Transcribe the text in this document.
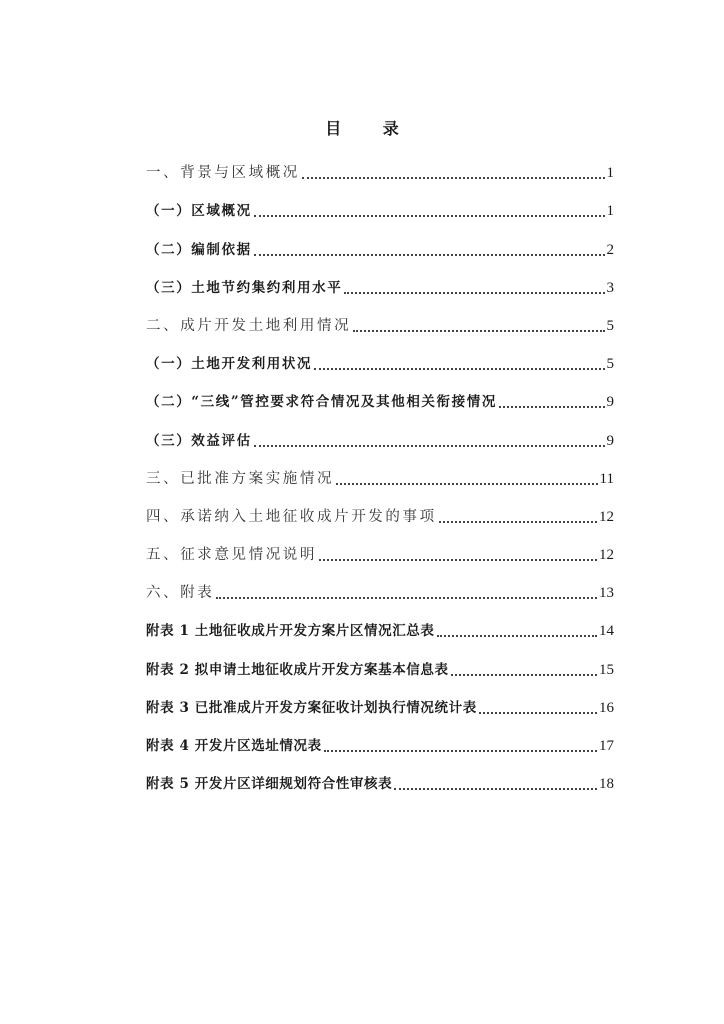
目 录
一、背景与区域概况	1
（一）区域概况	1
（二）编制依据	2
（三）土地节约集约利用水平	3
二、成片开发土地利用情况	5
（一）土地开发利用状况	5
（二）“三线”管控要求符合情况及其他相关衔接情况	9
（三）效益评估	9
三、已批准方案实施情况	11
四、承诺纳入土地征收成片开发的事项	12
五、征求意见情况说明	12
六、附表	13
附表 1 土地征收成片开发方案片区情况汇总表	14
附表 2 拟申请土地征收成片开发方案基本信息表	15
附表 3 已批准成片开发方案征收计划执行情况统计表	16
附表 4 开发片区选址情况表	17
附表 5 开发片区详细规划符合性审核表	18
